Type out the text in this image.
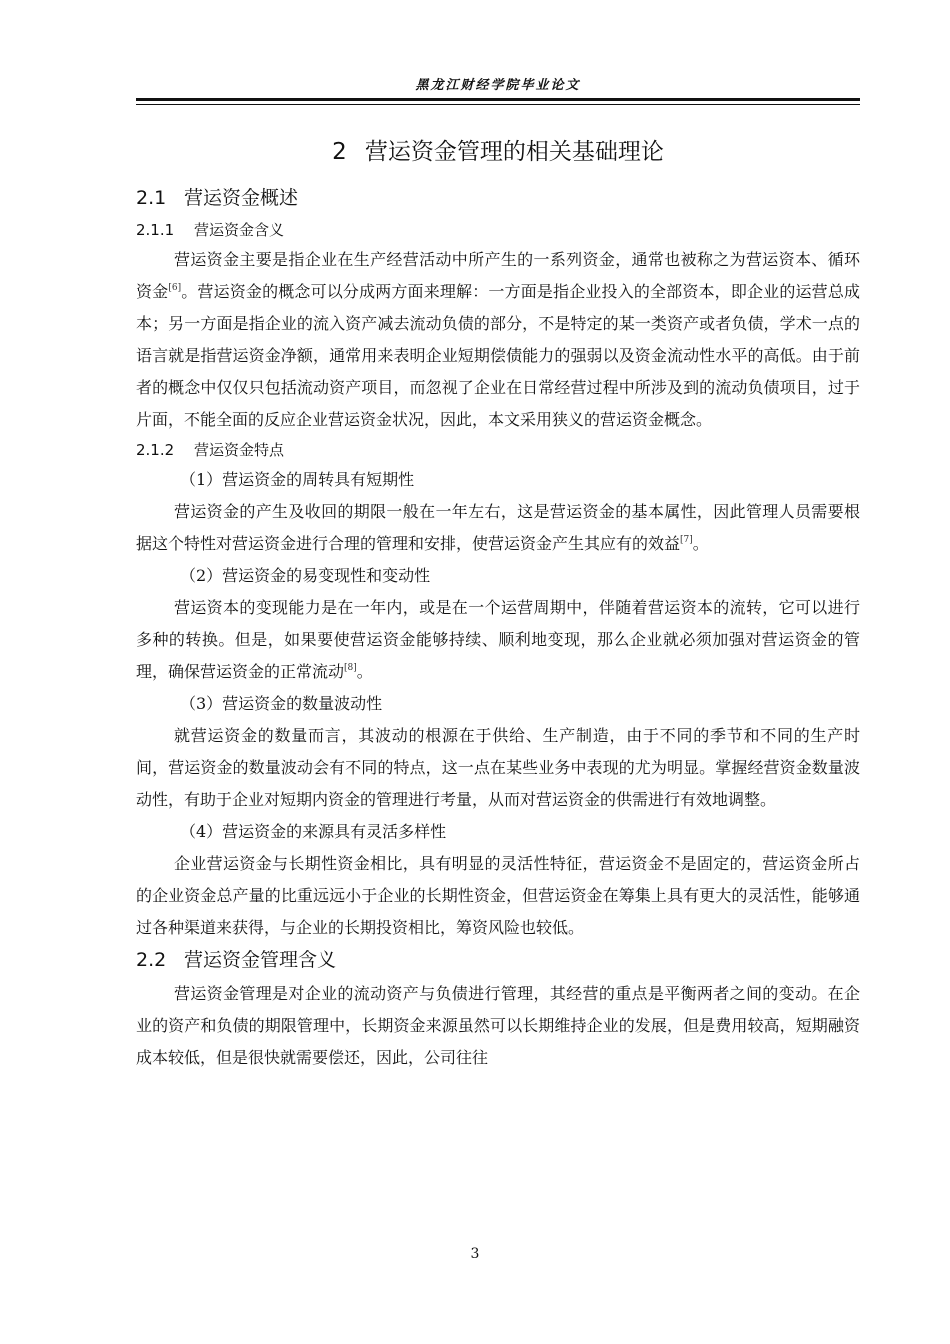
黑龙江财经学院毕业论文
2 营运资金管理的相关基础理论
2.1 营运资金概述
2.1.1 营运资金含义

营运资金主要是指企业在生产经营活动中所产生的一系列资金，通常也被称之为营运资本、循环资金[6]。营运资金的概念可以分成两方面来理解：一方面是指企业投入的全部资本，即企业的运营总成本；另一方面是指企业的流入资产减去流动负债的部分，不是特定的某一类资产或者负债，学术一点的语言就是指营运资金净额，通常用来表明企业短期偿债能力的强弱以及资金流动性水平的高低。由于前者的概念中仅仅只包括流动资产项目，而忽视了企业在日常经营过程中所涉及到的流动负债项目，过于片面，不能全面的反应企业营运资金状况，因此，本文采用狭义的营运资金概念。

2.1.2 营运资金特点
（1）营运资金的周转具有短期性

营运资金的产生及收回的期限一般在一年左右，这是营运资金的基本属性，因此管理人员需要根据这个特性对营运资金进行合理的管理和安排，使营运资金产生其应有的效益[7]。

（2）营运资金的易变现性和变动性

营运资本的变现能力是在一年内，或是在一个运营周期中，伴随着营运资本的流转，它可以进行多种的转换。但是，如果要使营运资金能够持续、顺利地变现，那么企业就必须加强对营运资金的管理，确保营运资金的正常流动[8]。

（3）营运资金的数量波动性

就营运资金的数量而言，其波动的根源在于供给、生产制造，由于不同的季节和不同的生产时间，营运资金的数量波动会有不同的特点，这一点在某些业务中表现的尤为明显。掌握经营资金数量波动性，有助于企业对短期内资金的管理进行考量，从而对营运资金的供需进行有效地调整。

（4）营运资金的来源具有灵活多样性

企业营运资金与长期性资金相比，具有明显的灵活性特征，营运资金不是固定的，营运资金所占的企业资金总产量的比重远远小于企业的长期性资金，但营运资金在筹集上具有更大的灵活性，能够通过各种渠道来获得，与企业的长期投资相比，筹资风险也较低。

2.2 营运资金管理含义

营运资金管理是对企业的流动资产与负债进行管理，其经营的重点是平衡两者之间的变动。在企业的资产和负债的期限管理中，长期资金来源虽然可以长期维持企业的发展，但是费用较高，短期融资成本较低，但是很快就需要偿还，因此，公司往往

3
